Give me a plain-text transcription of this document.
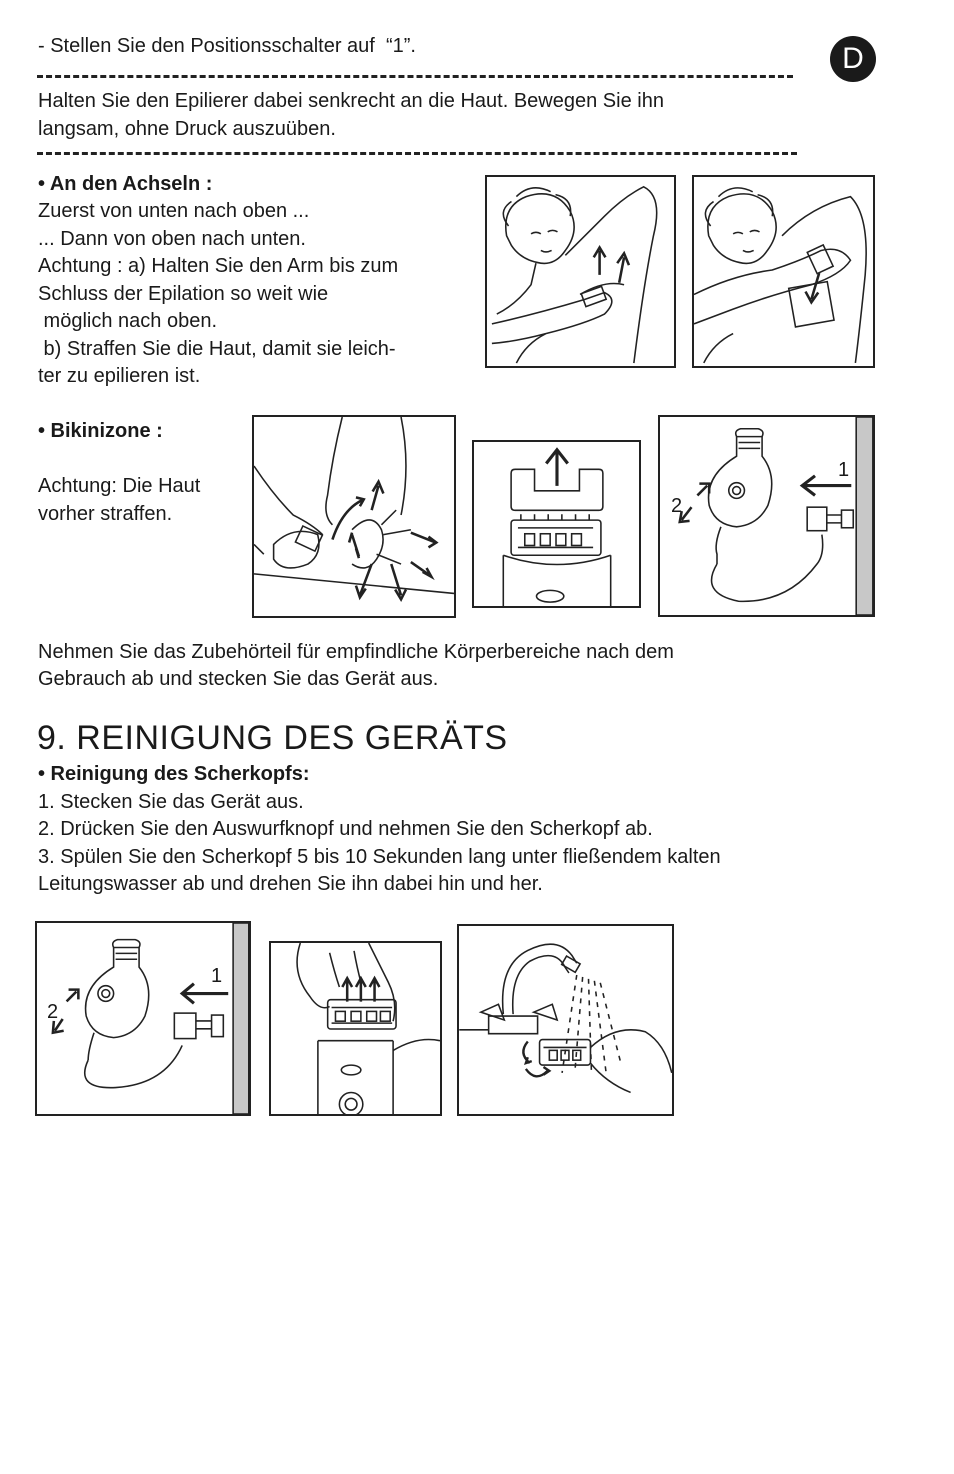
D
- Stellen Sie den Positionsschalter auf  “1”.
Halten Sie den Epilierer dabei senkrecht an die Haut. Bewegen Sie ihn
langsam, ohne Druck auszuüben.
• An den Achseln :
Zuerst von unten nach oben ...
... Dann von oben nach unten.
Achtung : a) Halten Sie den Arm bis zum
Schluss der Epilation so weit wie
möglich nach oben.
b) Straffen Sie die Haut, damit sie leich-
ter zu epilieren ist.
• Bikinizone :
Achtung: Die Haut
vorher straffen.
1
2
Nehmen Sie das Zubehörteil für empfindliche Körperbereiche nach dem
Gebrauch ab und stecken Sie das Gerät aus.
9. REINIGUNG DES GERÄTS
• Reinigung des Scherkopfs:
1. Stecken Sie das Gerät aus.
2. Drücken Sie den Auswurfknopf und nehmen Sie den Scherkopf ab.
3. Spülen Sie den Scherkopf 5 bis 10 Sekunden lang unter fließendem kalten
Leitungswasser ab und drehen Sie ihn dabei hin und her.
1
2
